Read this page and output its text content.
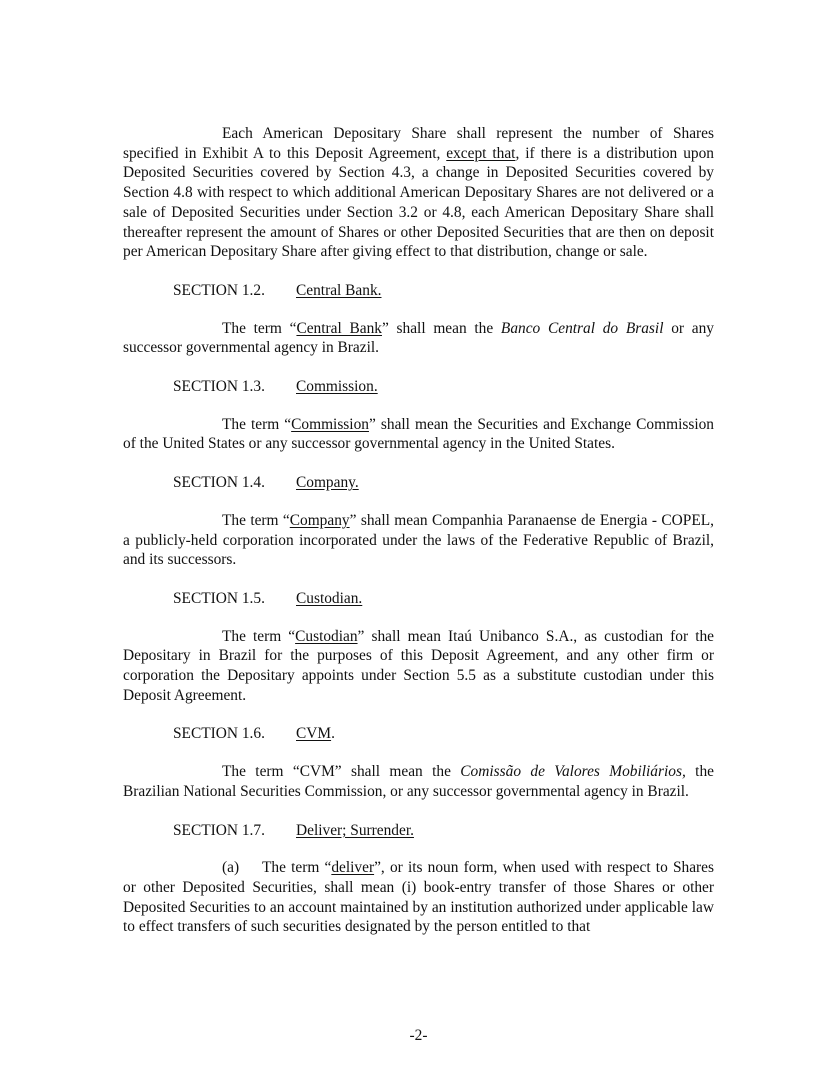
Each American Depositary Share shall represent the number of Shares specified in Exhibit A to this Deposit Agreement, except that, if there is a distribution upon Deposited Securities covered by Section 4.3, a change in Deposited Securities covered by Section 4.8 with respect to which additional American Depositary Shares are not delivered or a sale of Deposited Securities under Section 3.2 or 4.8, each American Depositary Share shall thereafter represent the amount of Shares or other Deposited Securities that are then on deposit per American Depositary Share after giving effect to that distribution, change or sale.

SECTION 1.2. Central Bank.

The term “Central Bank” shall mean the Banco Central do Brasil or any successor governmental agency in Brazil.

SECTION 1.3. Commission.

The term “Commission” shall mean the Securities and Exchange Commission of the United States or any successor governmental agency in the United States.

SECTION 1.4. Company.

The term “Company” shall mean Companhia Paranaense de Energia - COPEL, a publicly-held corporation incorporated under the laws of the Federative Republic of Brazil, and its successors.

SECTION 1.5. Custodian.

The term “Custodian” shall mean Itaú Unibanco S.A., as custodian for the Depositary in Brazil for the purposes of this Deposit Agreement, and any other firm or corporation the Depositary appoints under Section 5.5 as a substitute custodian under this Deposit Agreement.

SECTION 1.6. CVM.

The term “CVM” shall mean the Comissão de Valores Mobiliários, the Brazilian National Securities Commission, or any successor governmental agency in Brazil.

SECTION 1.7. Deliver; Surrender.

(a) The term “deliver”, or its noun form, when used with respect to Shares or other Deposited Securities, shall mean (i) book-entry transfer of those Shares or other Deposited Securities to an account maintained by an institution authorized under applicable law to effect transfers of such securities designated by the person entitled to that

-2-
